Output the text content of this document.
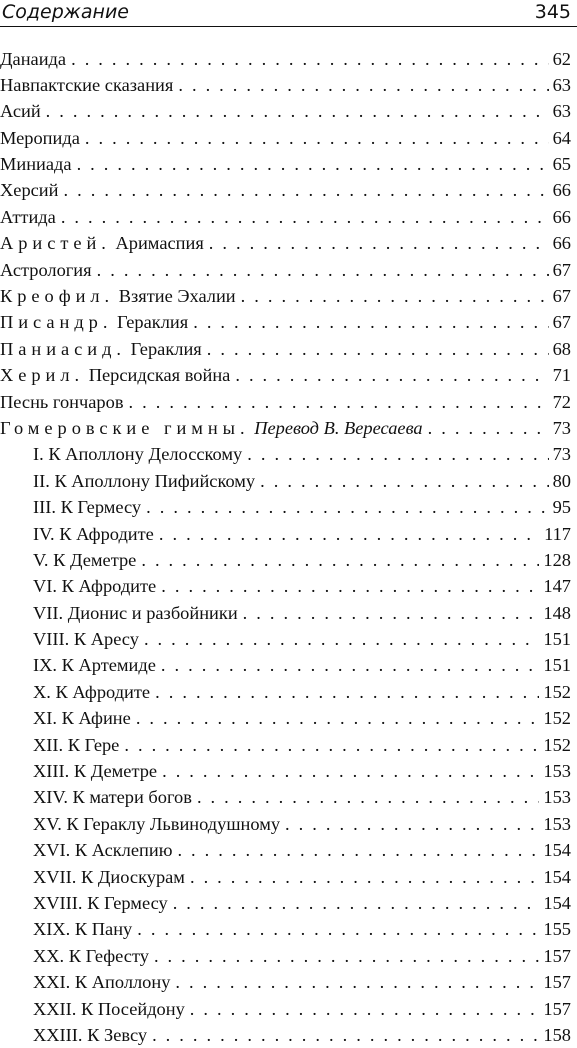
Содержание	345
Данаида . . .	62
Навпактские сказания . . .	63
Асий . . .	63
Меропида . . .	64
Миниада . . .	65
Херсий . . .	66
Аттида . . .	66
Аристей. Аримаспия . . .	66
Астрология . . .	67
Креофил. Взятие Эхалии . . .	67
Писандр. Гераклия . . .	67
Паниасид. Гераклия . . .	68
Херил. Персидская война . . .	71
Песнь гончаров . . .	72
Гомеровские гимны. Перевод В. Вересаева . . .	73
I. К Аполлону Делосскому . . .	73
II. К Аполлону Пифийскому . . .	80
III. К Гермесу . . .	95
IV. К Афродите . . .	117
V. К Деметре . . .	128
VI. К Афродите . . .	147
VII. Дионис и разбойники . . .	148
VIII. К Аресу . . .	151
IX. К Артемиде . . .	151
X. К Афродите . . .	152
XI. К Афине . . .	152
XII. К Гере . . .	152
XIII. К Деметре . . .	153
XIV. К матери богов . . .	153
XV. К Гераклу Львинодушному . . .	153
XVI. К Асклепию . . .	154
XVII. К Диоскурам . . .	154
XVIII. К Гермесу . . .	154
XIX. К Пану . . .	155
XX. К Гефесту . . .	157
XXI. К Аполлону . . .	157
XXII. К Посейдону . . .	157
XXIII. К Зевсу . . .	158
